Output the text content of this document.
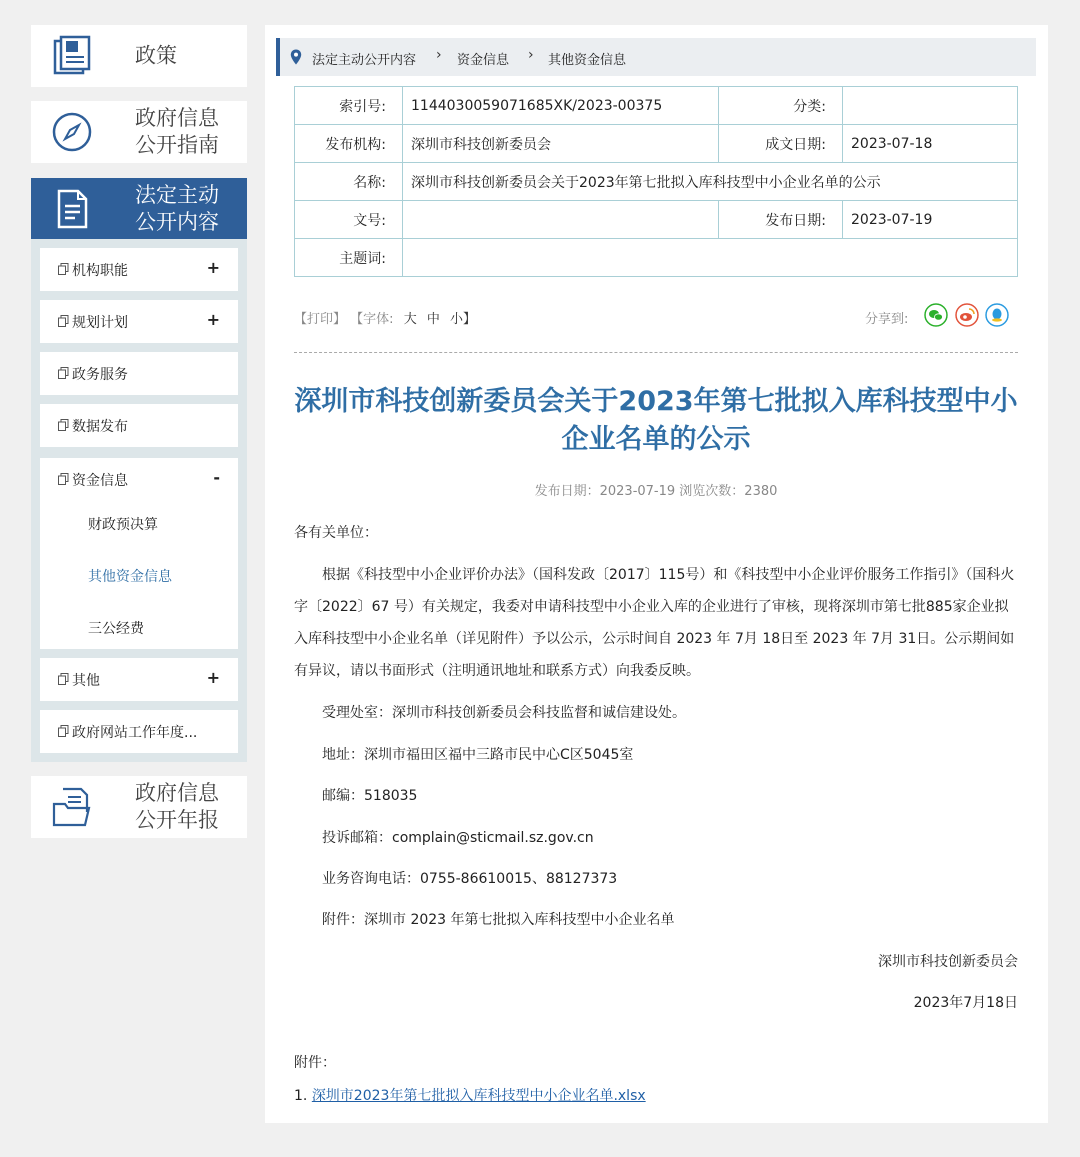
政策
政府信息
公开指南
法定主动
公开内容
机构职能	+
规划计划	+
政务服务
数据发布
资金信息	-
财政预决算
其他资金信息
三公经费
其他	+
政府网站工作年度...
政府信息
公开年报
法定主动公开内容 › 资金信息 › 其他资金信息
索引号:	1144030059071685XK/2023-00375	分类:	
发布机构:	深圳市科技创新委员会	成文日期:	2023-07-18
名称:	深圳市科技创新委员会关于2023年第七批拟入库科技型中小企业名单的公示		
文号:		发布日期:	2023-07-19
主题词:			
【打印】 【字体: 大 中 小】	分享到:
深圳市科技创新委员会关于2023年第七批拟入库科技型中小企业名单的公示
发布日期：2023-07-19 浏览次数：2380
各有关单位：
根据《科技型中小企业评价办法》（国科发政〔2017〕115号）和《科技型中小企业评价服务工作指引》（国科火字〔2022〕67 号）有关规定，我委对申请科技型中小企业入库的企业进行了审核，现将深圳市第七批885家企业拟入库科技型中小企业名单（详见附件）予以公示，公示时间自 2023 年 7月 18日至 2023 年 7月 31日。公示期间如有异议，请以书面形式（注明通讯地址和联系方式）向我委反映。
受理处室：深圳市科技创新委员会科技监督和诚信建设处。
地址：深圳市福田区福中三路市民中心C区5045室
邮编：518035
投诉邮箱：complain@sticmail.sz.gov.cn
业务咨询电话：0755-86610015、88127373
附件：深圳市 2023 年第七批拟入库科技型中小企业名单
深圳市科技创新委员会
2023年7月18日
附件：
1. 深圳市2023年第七批拟入库科技型中小企业名单.xlsx
